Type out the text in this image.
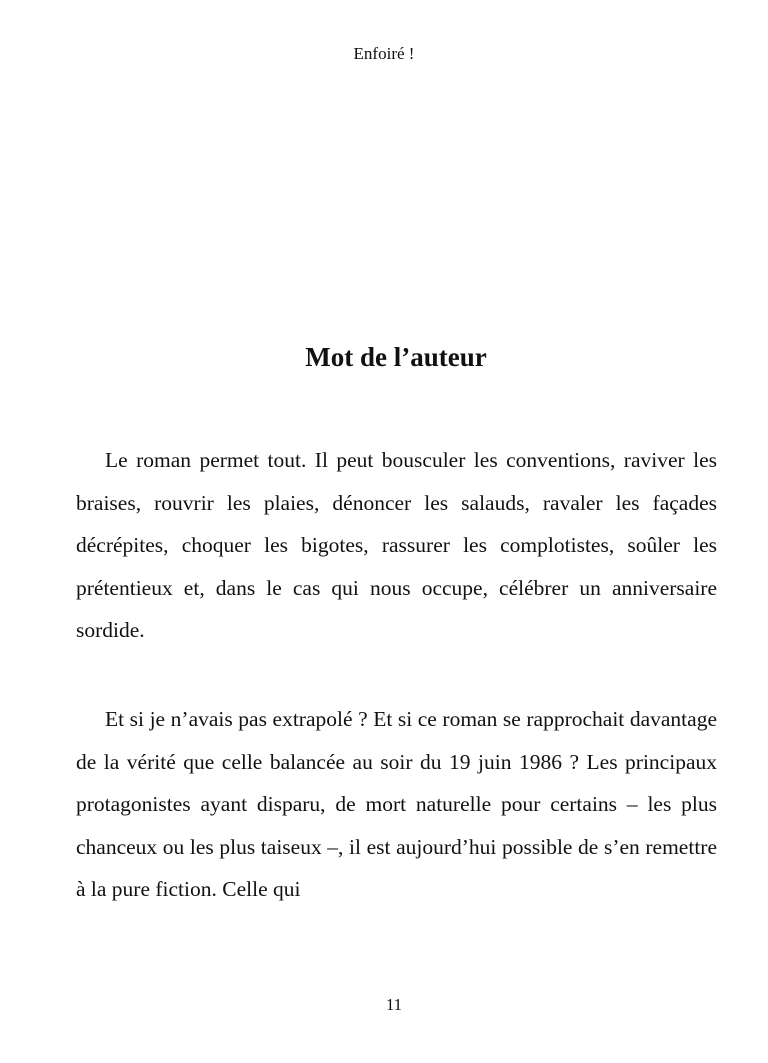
Enfoiré !
Mot de l’auteur

Le roman permet tout. Il peut bousculer les conventions, raviver les braises, rouvrir les plaies, dénoncer les salauds, ravaler les façades décrépites, choquer les bigotes, rassurer les complotistes, soûler les prétentieux et, dans le cas qui nous occupe, célébrer un anniversaire sordide.

Et si je n’avais pas extrapolé ? Et si ce roman se rapprochait davantage de la vérité que celle balancée au soir du 19 juin 1986 ? Les principaux protagonistes ayant disparu, de mort naturelle pour certains – les plus chanceux ou les plus taiseux –, il est aujourd’hui possible de s’en remettre à la pure fiction. Celle qui

11
